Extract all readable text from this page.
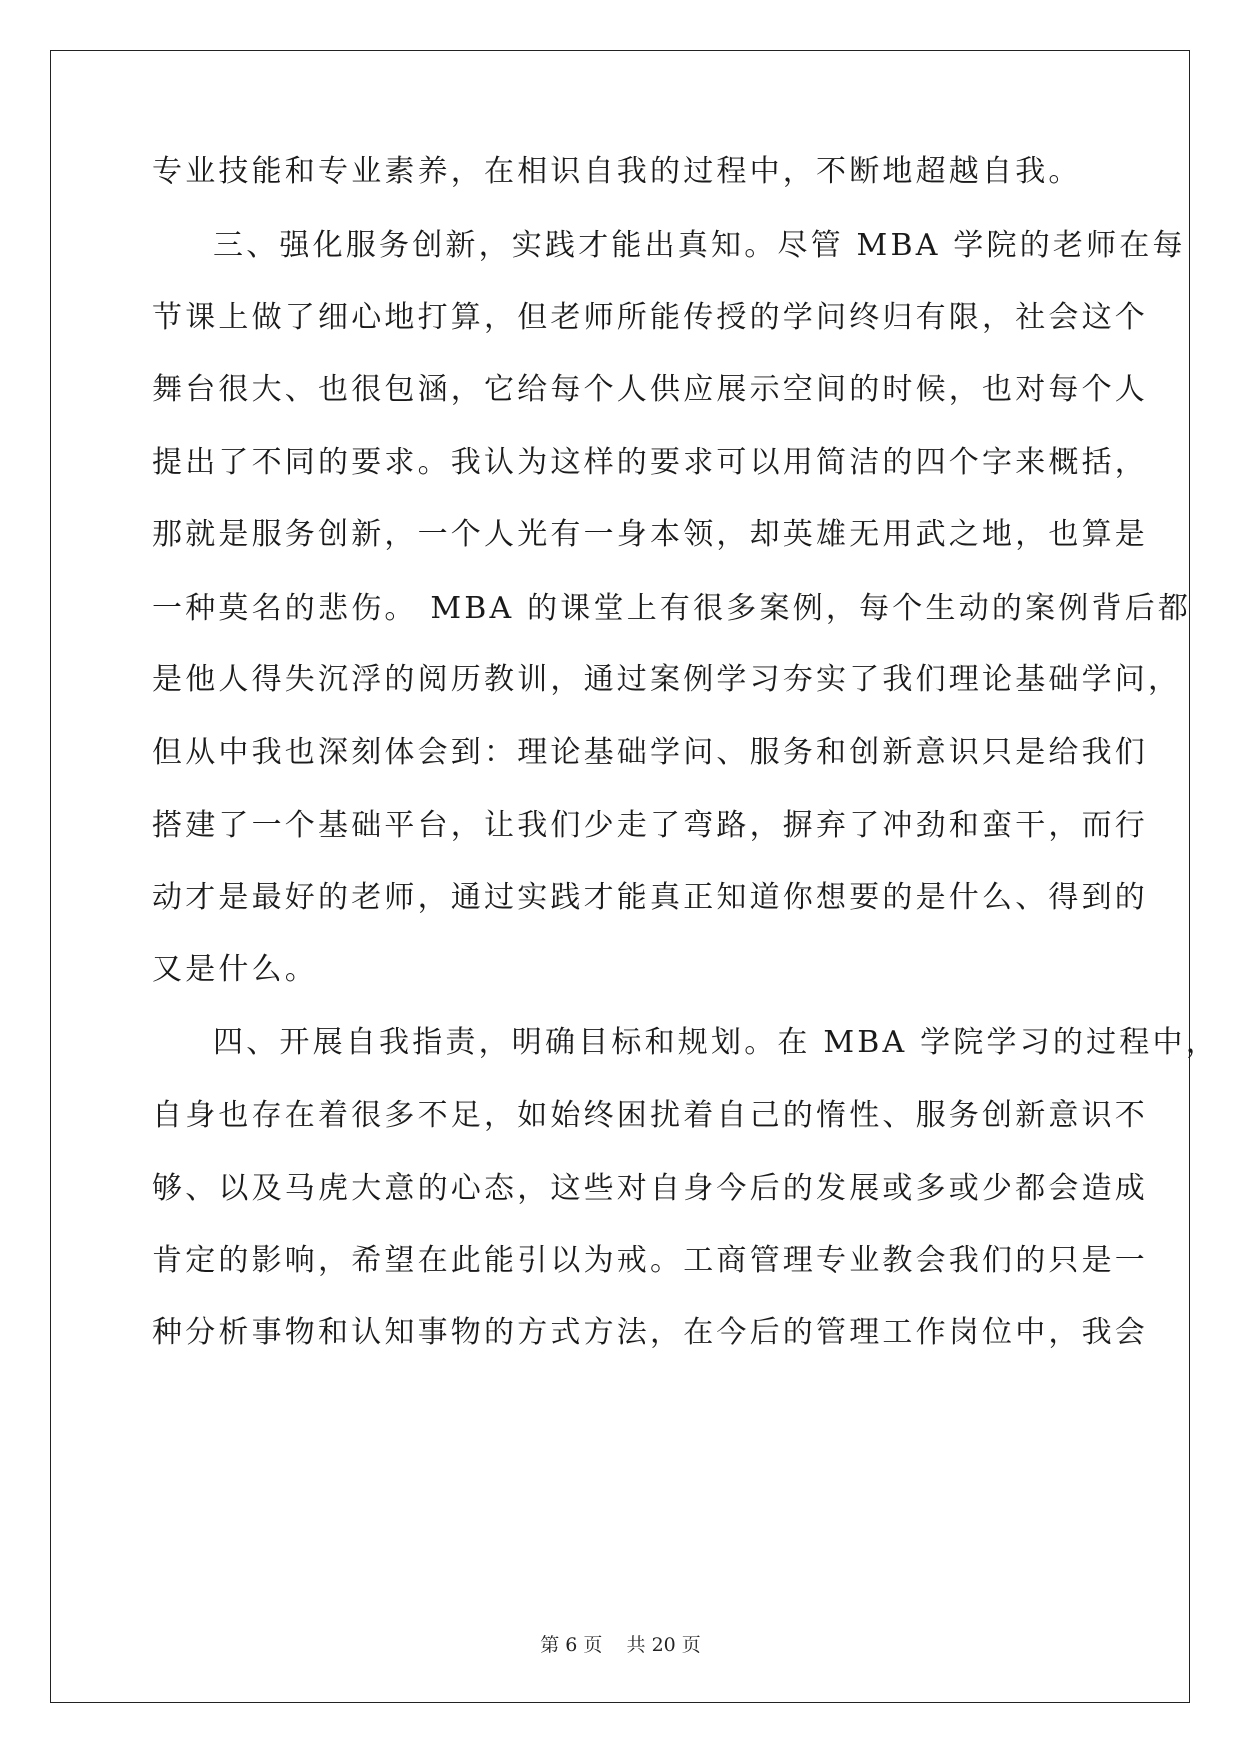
专业技能和专业素养，在相识自我的过程中，不断地超越自我。
三、强化服务创新，实践才能出真知。尽管 MBA 学院的老师在每
节课上做了细心地打算，但老师所能传授的学问终归有限，社会这个
舞台很大、也很包涵，它给每个人供应展示空间的时候，也对每个人
提出了不同的要求。我认为这样的要求可以用简洁的四个字来概括，
那就是服务创新，一个人光有一身本领，却英雄无用武之地，也算是
一种莫名的悲伤。 MBA 的课堂上有很多案例，每个生动的案例背后都
是他人得失沉浮的阅历教训，通过案例学习夯实了我们理论基础学问，
但从中我也深刻体会到：理论基础学问、服务和创新意识只是给我们
搭建了一个基础平台，让我们少走了弯路，摒弃了冲劲和蛮干，而行
动才是最好的老师，通过实践才能真正知道你想要的是什么、得到的
又是什么。
四、开展自我指责，明确目标和规划。在 MBA 学院学习的过程中，
自身也存在着很多不足，如始终困扰着自己的惰性、服务创新意识不
够、以及马虎大意的心态，这些对自身今后的发展或多或少都会造成
肯定的影响，希望在此能引以为戒。工商管理专业教会我们的只是一
种分析事物和认知事物的方式方法，在今后的管理工作岗位中，我会
第 6 页 共 20 页
